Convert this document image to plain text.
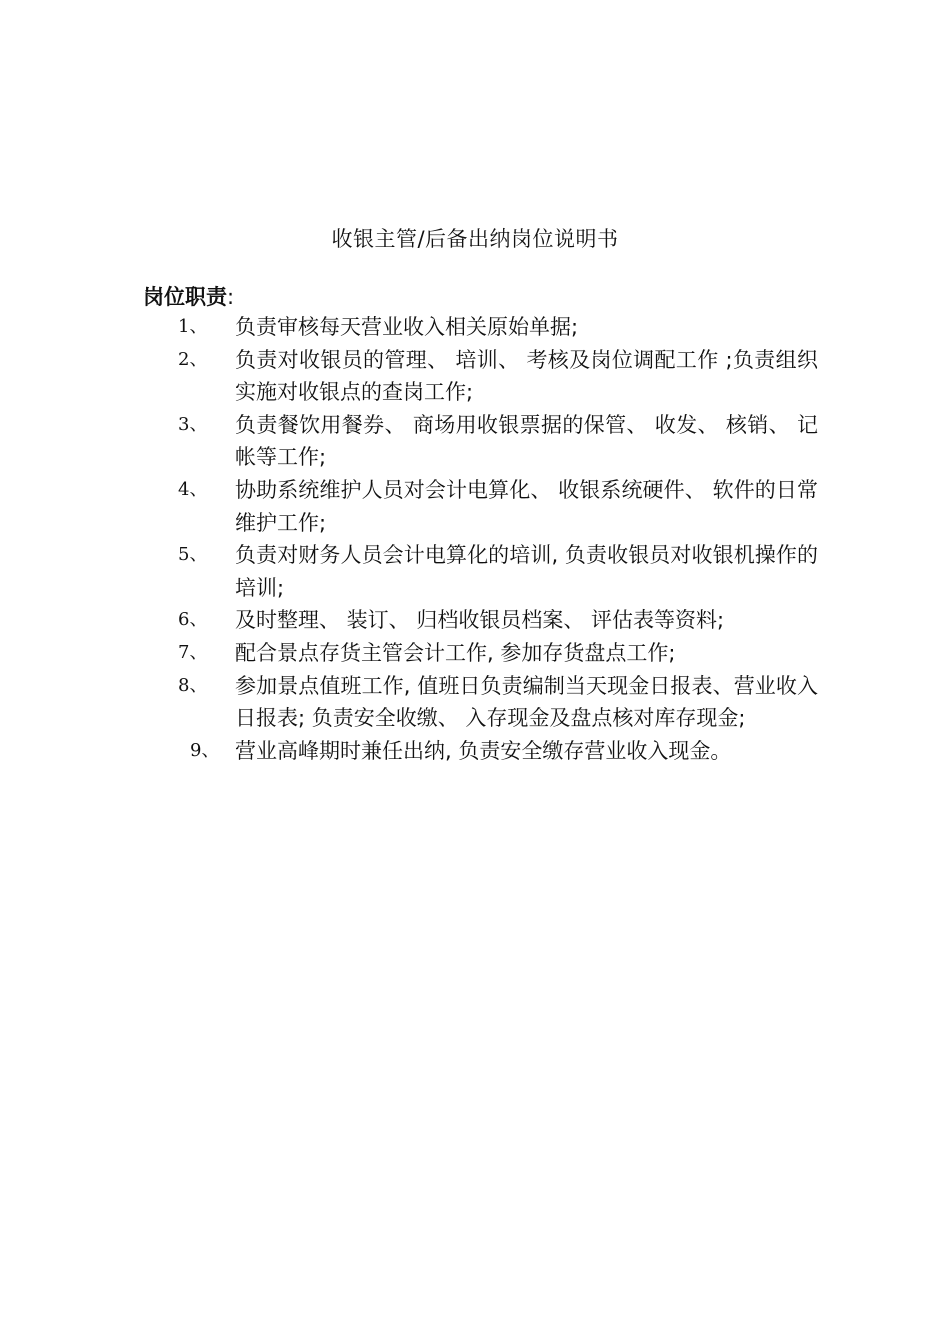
收银主管/后备出纳岗位说明书
岗位职责:
1、 负责审核每天营业收入相关原始单据;
2、 负责对收银员的管理、 培训、 考核及岗位调配工作 ;负责组织实施对收银点的查岗工作;
3、 负责餐饮用餐券、 商场用收银票据的保管、 收发、 核销、 记帐等工作;
4、 协助系统维护人员对会计电算化、 收银系统硬件、 软件的日常维护工作;
5、 负责对财务人员会计电算化的培训, 负责收银员对收银机操作的培训;
6、 及时整理、 装订、 归档收银员档案、 评估表等资料;
7、 配合景点存货主管会计工作, 参加存货盘点工作;
8、 参加景点值班工作, 值班日负责编制当天现金日报表、营业收入日报表; 负责安全收缴、 入存现金及盘点核对库存现金;
9、 营业高峰期时兼任出纳, 负责安全缴存营业收入现金。
